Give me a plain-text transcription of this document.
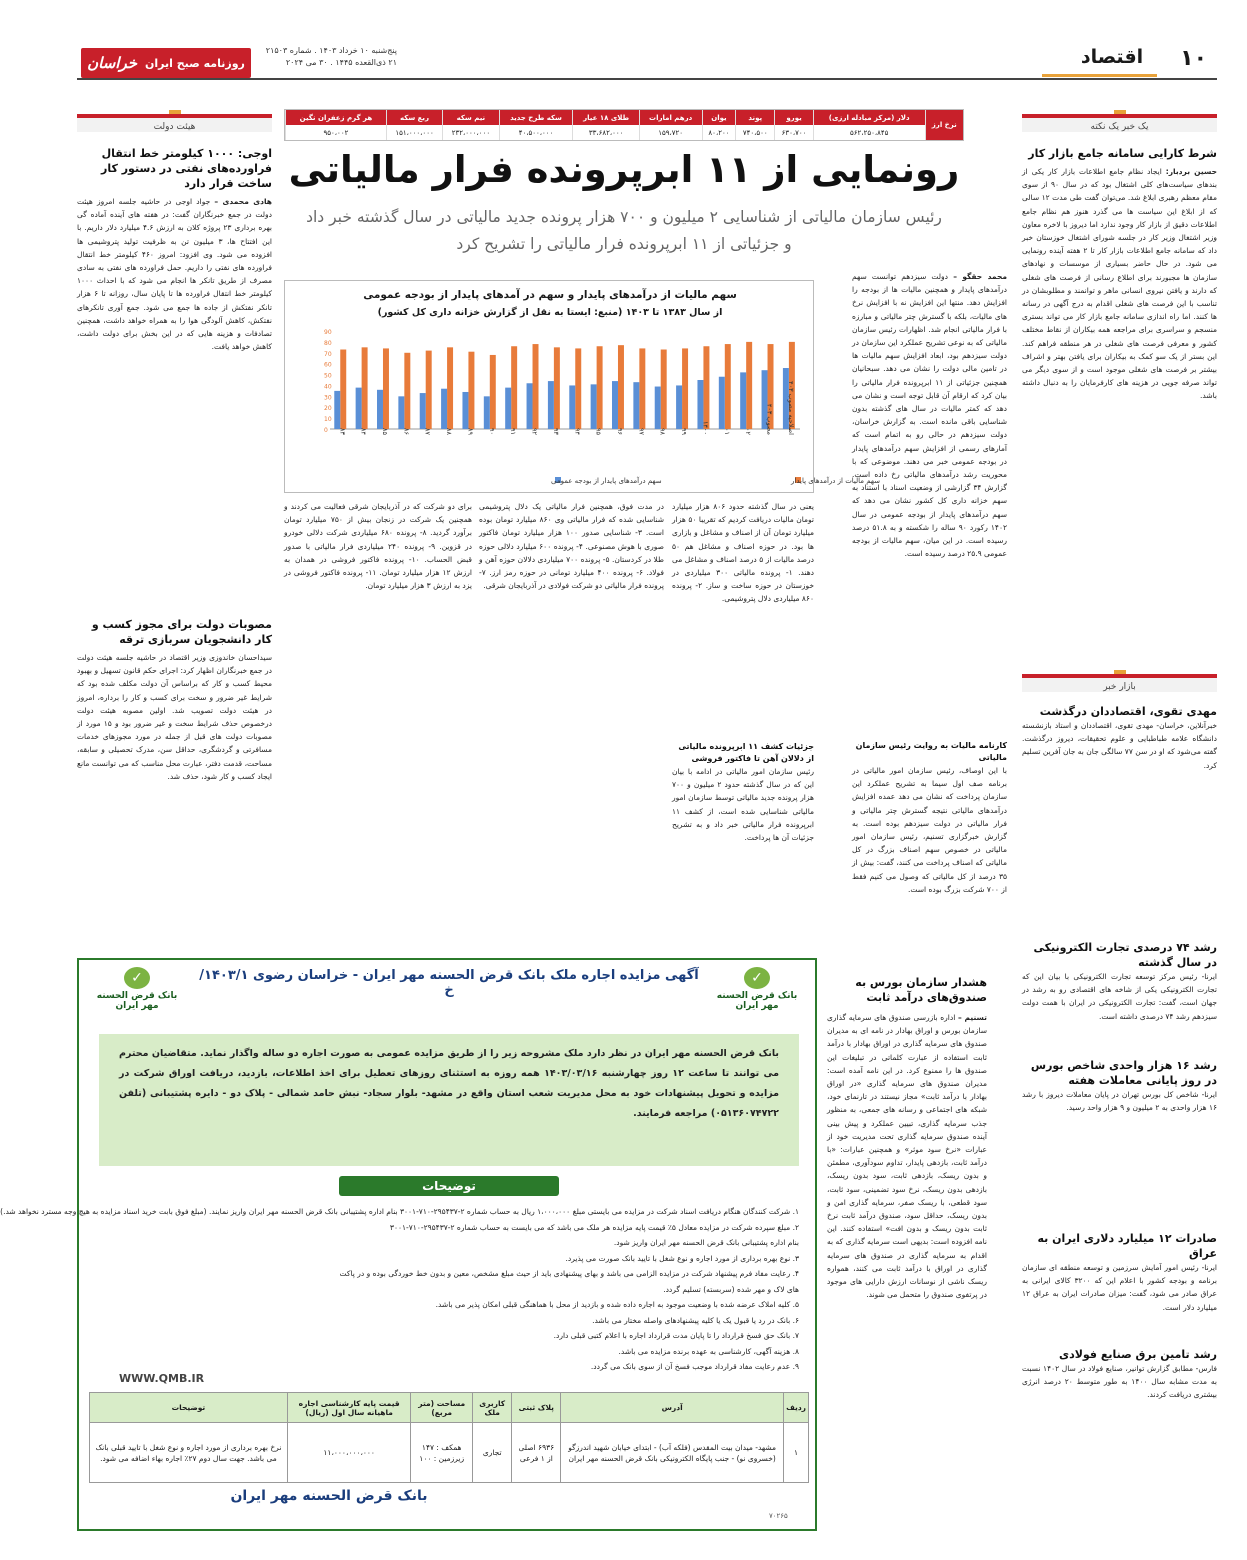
۱۰
اقتصاد
پنج‌شنبه ۱۰ خرداد ۱۴۰۳ . شماره ۲۱۵۰۳
۲۱ ذی‌القعده ۱۴۴۵ . ۳۰ می ۲۰۲۴
روزنامه صبح ایران
خراسان
یک خبر یک نکته
شرط کارایی سامانه جامع بازار کار
حسین بردبار: ایجاد نظام جامع اطلاعات بازار کار یکی از بندهای سیاست‌های کلی اشتغال بود که در سال ۹۰ از سوی مقام معظم رهبری ابلاغ شد. می‌توان گفت طی مدت ۱۲ سالی که از ابلاغ این سیاست ها می گذرد هنوز هم نظام جامع اطلاعات دقیق از بازار کار وجود ندارد اما دیروز با لاخره معاون وزیر اشتغال وزیر کار در جلسه شورای اشتغال خوزستان خبر داد که سامانه جامع اطلاعات بازار کار تا ۲ هفته آینده رونمایی می شود. در حال حاضر بسیاری از موسسات و نهادهای سازمان ها مجبورند برای اطلاع رسانی از فرصت های شغلی که دارند و یافتن نیروی انسانی ماهر و توانمند و مطلوبشان در تناسب با این فرصت های شغلی اقدام به درج آگهی در رسانه ها کنند. اما راه اندازی سامانه جامع بازار کار می تواند بستری منسجم و سراسری برای مراجعه همه بیکاران از نقاط مختلف کشور و معرفی فرصت های شغلی در هر منطقه فراهم کند. این بستر از یک سو کمک به بیکاران برای یافتن بهتر و اشراف بیشتر بر فرصت های شغلی موجود است و از سوی دیگر می تواند صرفه جویی در هزینه های کارفرمایان را به دنبال داشته باشد.
بازار خبر
مهدی تقوی، اقتصاددان درگذشت
خبرآنلاین، خراسان- مهدی تقوی، اقتصاددان و استاد بازنشسته دانشگاه علامه طباطبایی و علوم تحقیقات، دیروز درگذشت. گفته می‌شود که او در سن ۷۷ سالگی جان به جان آفرین تسلیم کرد.
رشد ۷۴ درصدی تجارت الکترونیکی در سال گذشته
ایرنا- رئیس مرکز توسعه تجارت الکترونیکی با بیان این که تجارت الکترونیکی یکی از شاخه های اقتصادی رو به رشد در جهان است، گفت: تجارت الکترونیکی در ایران با همت دولت سیزدهم رشد ۷۴ درصدی داشته است.
رشد ۱۶ هزار واحدی شاخص بورس در روز پایانی معاملات هفته
ایرنا- شاخص کل بورس تهران در پایان معاملات دیروز با رشد ۱۶ هزار واحدی به ۲ میلیون و ۹ هزار واحد رسید.
صادرات ۱۲ میلیارد دلاری ایران به عراق
ایرنا- رئیس امور آمایش سرزمین و توسعه منطقه ای سازمان برنامه و بودجه کشور با اعلام این که ۳۲۰۰ کالای ایرانی به عراق صادر می شود، گفت: میزان صادرات ایران به عراق ۱۲ میلیارد دلار است.
رشد تامین برق صنایع فولادی
فارس- مطابق گزارش توانیر، صنایع فولاد در سال ۱۴۰۲ نسبت به مدت مشابه سال ۱۴۰۰ به طور متوسط ۲۰ درصد انرژی بیشتری دریافت کردند.
نرخ ارز	دلار (مرکز مبادله ارزی)	یورو	پوند	یوان	درهم امارات	طلای ۱۸ عیار	سکه طرح جدید	نیم سکه	ربع سکه	هر گرم زعفران نگین
	۵۶۲،۲۵۰،۸۴۵	۶۳۰،۷۰۰	۷۴۰،۵۰۰	۸۰،۲۰۰	۱۵۹،۷۲۰	۳۳،۶۸۲،۰۰۰	۴۰،۵۰۰،۰۰۰	۲۳۲،۰۰۰،۰۰۰	۱۵۱،۰۰۰،۰۰۰	۹۵۰،۰۰۲
رونمایی از ۱۱ ابرپرونده فرار مالیاتی
رئیس سازمان مالیاتی از شناسایی ۲ میلیون و ۷۰۰ هزار پرونده جدید مالیاتی در سال گذشته خبر داد
و جزئیاتی از ۱۱ ابرپرونده فرار مالیاتی را تشریح کرد
محمد حقگو – دولت سیزدهم توانست سهم درآمدهای پایدار و همچنین مالیات ها از بودجه را افزایش دهد. منتها این افزایش نه با افزایش نرخ های مالیات، بلکه با گسترش چتر مالیاتی و مبارزه با فرار مالیاتی انجام شد. اظهارات رئیس سازمان مالیاتی که به نوعی تشریح عملکرد این سازمان در دولت سیزدهم بود، ابعاد افزایش سهم مالیات ها در تامین مالی دولت را نشان می دهد. سبحانیان همچنین جزئیاتی از ۱۱ ابرپرونده فرار مالیاتی را بیان کرد که ارقام آن قابل توجه است و نشان می دهد که کمتر مالیات در سال های گذشته بدون شناسایی باقی مانده است. به گزارش خراسان، دولت سیزدهم در حالی رو به اتمام است که آمارهای رسمی از افزایش سهم درآمدهای پایدار در بودجه عمومی خبر می دهند. موضوعی که با محوریت رشد درآمدهای مالیاتی رخ داده است. گزارش ۳۴ گزارشی از وضعیت اسناد با استناد به سهم خزانه داری کل کشور نشان می دهد که سهم درآمدهای پایدار از بودجه عمومی در سال ۱۴۰۲ رکورد ۹۰ ساله را شکسته و به ۵۱.۸ درصد رسیده است. در این میان، سهم مالیات از بودجه عمومی ۲۵.۹ درصد رسیده است.
سهم مالیات از درآمدهای پایدار و سهم در آمدهای پایدار از بودجه عمومی
از سال ۱۳۸۳ تا ۱۴۰۳ (منبع: ایستا به نقل از گزارش خزانه داری کل کشور)
0
10
20
30
40
50
60
70
80
90
۸۳ ۸۴ ۸۵ ۸۶ ۸۷ ۸۸ ۸۹ ۹۰ ۹۱ ۹۲ ۹۳ ۹۴ ۹۵ ۹۶ ۹۷ ۹۸ ۹۹ ۱۴۰۰ ۰۱ ۰۲
مصوب ۴۰۳
اصلاحیه مصوب ۴۰۳
سهم مالیات از درآمدهای پایدار
سهم درآمدهای پایدار از بودجه عمومی
یعنی در سال گذشته حدود ۸۰۶ هزار میلیارد تومان مالیات دریافت کردیم که تقریبا ۵۰ هزار میلیارد تومان آن از اصناف و مشاغل و بازاری ها بود. در حوزه اصناف و مشاغل هم ۵۰ درصد مالیات از ۵ درصد اصناف و مشاغل می دهند. ۱- پرونده مالیاتی ۳۰۰ میلیاردی در خوزستان در حوزه ساخت و ساز. ۲- پرونده ۸۶۰ میلیاردی دلال پتروشیمی.
جزئیات کشف ۱۱ ابرپرونده مالیاتی از دلالان آهن تا فاکتور فروشی
رئیس سازمان امور مالیاتی در ادامه با بیان این که در سال گذشته حدود ۲ میلیون و ۷۰۰ هزار پرونده جدید مالیاتی توسط سازمان امور مالیاتی شناسایی شده است، از کشف ۱۱ ابرپرونده فرار مالیاتی خبر داد و به تشریح جزئیات آن ها پرداخت.
کارنامه مالیات به روایت رئیس سازمان مالیاتی
با این اوصاف، رئیس سازمان امور مالیاتی در برنامه صف اول سیما به تشریح عملکرد این سازمان پرداخت که نشان می دهد عمده افزایش درآمدهای مالیاتی نتیجه گسترش چتر مالیاتی و فرار مالیاتی در دولت سیزدهم بوده است. به گزارش خبرگزاری تسنیم، رئیس سازمان امور مالیاتی در خصوص سهم اصناف بزرگ در کل مالیاتی که اصناف پرداخت می کنند، گفت: بیش از ۳۵ درصد از کل مالیاتی که وصول می کنیم فقط از ۷۰۰ شرکت بزرگ بوده است.
در مدت فوق، همچنین فرار مالیاتی یک دلال پتروشیمی شناسایی شده که فرار مالیاتی وی ۸۶۰ میلیارد تومان بوده است. ۳- شناسایی صدور ۱۰۰ هزار میلیارد تومان فاکتور صوری با هوش مصنوعی. ۴- پرونده ۶۰۰ میلیارد دلالی حوزه طلا در کردستان. ۵- پرونده ۷۰۰ میلیاردی دلالان حوزه آهن و فولاد. ۶- پرونده ۴۰۰ میلیارد تومانی در حوزه رمز ارز. ۷- پرونده فرار مالیاتی دو شرکت فولادی در آذربایجان شرقی.
برای دو شرکت که در آذربایجان شرقی فعالیت می کردند و همچنین یک شرکت در زنجان بیش از ۷۵۰ میلیارد تومان برآورد گردید. ۸- پرونده ۶۸۰ میلیاردی شرکت دلالی خودرو در قزوین. ۹- پرونده ۲۴۰ میلیاردی فرار مالیاتی با صدور قبض الحساب. ۱۰- پرونده فاکتور فروشی در همدان به ارزش ۱۲ هزار میلیارد تومان. ۱۱- پرونده فاکتور فروشی در یزد به ارزش ۳ هزار میلیارد تومان.
هیئت دولت
اوجی: ۱۰۰۰ کیلومتر خط انتقال فراورده‌های نفتی در دستور کار ساخت قرار دارد
هادی محمدی – جواد اوجی در حاشیه جلسه امروز هیئت دولت در جمع خبرنگاران گفت: در هفته های آینده آماده گی بهره برداری ۲۳ پروژه کلان به ارزش ۴.۶ میلیارد دلار داریم. با این افتتاح ها، ۳ میلیون تن به ظرفیت تولید پتروشیمی ها افزوده می شود. وی افزود: امروز ۴۶۰ کیلومتر خط انتقال فراورده های نفتی را داریم. حمل فراورده های نفتی به سادی مصرف از طریق تانکر ها انجام می شود که با احداث ۱۰۰۰ کیلومتر خط انتقال فراورده ها تا پایان سال، روزانه تا ۶ هزار تانکر نفتکش از جاده ها جمع می شود. جمع آوری تانکرهای نفتکش، کاهش آلودگی هوا را به همراه خواهد داشت، همچنین تصادفات و هزینه هایی که در این بخش برای دولت داشت، کاهش خواهد یافت.
مصوبات دولت برای مجوز کسب و کار دانشجویان سربازی ترقه
سیداحسان خاندوزی وزیر اقتصاد در حاشیه جلسه هیئت دولت در جمع خبرنگاران اظهار کرد: اجرای حکم قانون تسهیل و بهبود محیط کسب و کار که براساس آن دولت مکلف شده بود که شرایط غیر ضرور و سخت برای کسب و کار را برداره، امروز در هیئت دولت تصویب شد. اولین مصوبه هیئت دولت درخصوص حذف شرایط سخت و غیر ضرور بود و ۱۵ مورد از مصوبات دولت های قبل از جمله در مورد مجوزهای خدمات مسافرتی و گردشگری، حداقل سن، مدرک تحصیلی و سابقه، مساحت، قدمت دفتر، عبارت محل مناسب که می توانست مانع ایجاد کسب و کار شود، حذف شد.
هشدار سازمان بورس به صندوق‌های درآمد ثابت
تسنیم – اداره بازرسی صندوق های سرمایه گذاری سازمان بورس و اوراق بهادار در نامه ای به مدیران صندوق های سرمایه گذاری در اوراق بهادار با درآمد ثابت استفاده از عبارت کلماتی در تبلیغات این صندوق ها را ممنوع کرد. در این نامه آمده است: مدیران صندوق های سرمایه گذاری «در اوراق بهادار با درآمد ثابت» مجاز نیستند در تارنمای خود، شبکه های اجتماعی و رسانه های جمعی، به منظور جذب سرمایه گذاری، تبیین عملکرد و پیش بینی آینده صندوق سرمایه گذاری تحت مدیریت خود از عبارات «نرخ سود موثر» و همچنین عبارات: «با درآمد ثابت، بازدهی پایدار، تداوم سودآوری، مطمئن و بدون ریسک، بازدهی ثابت، سود بدون ریسک، بازدهی بدون ریسک، نرخ سود تضمینی، سود ثابت، سود قطعی، با ریسک صفر، سرمایه گذاری امن و بدون ریسک، حداقل سود، صندوق درآمد ثابت نرخ ثابت بدون ریسک و بدون افت» استفاده کنند. این نامه افزوده است: بدیهی است سرمایه گذاری که به اقدام به سرمایه گذاری در صندوق های سرمایه گذاری در اوراق با درآمد ثابت می کنند، همواره ریسک ناشی از نوسانات ارزش دارایی های موجود در پرتفوی صندوق را متحمل می شوند.
✓
بانک قرض الحسنه مهر ایران
✓
بانک قرض الحسنه مهر ایران
آگهی مزایده اجاره ملک بانک قرض الحسنه مهر ایران - خراسان رضوی ۱۴۰۳/۱/خ
بانک قرض الحسنه مهر ایران در نظر دارد ملک مشروحه زیر را از طریق مزایده عمومی به صورت اجاره دو ساله واگذار نماید. متقاضیان محترم می توانند تا ساعت ۱۲ روز چهارشنبه ۱۴۰۳/۰۳/۱۶ همه روزه به استثنای روزهای تعطیل برای اخذ اطلاعات، بازدید، دریافت اوراق شرکت در مزایده و تحویل پیشنهادات خود به محل مدیریت شعب استان واقع در مشهد- بلوار سجاد- نبش حامد شمالی - پلاک دو - دایره پشتیبانی (تلفن ۰۵۱۳۶۰۷۴۷۲۲) مراجعه فرمایند.
توضیحات
۱. شرکت کنندگان هنگام دریافت اسناد شرکت در مزایده می بایستی مبلغ ۱،۰۰۰،۰۰۰ ریال به حساب شماره ۲-۲۹۵۴۳۷-۷۱۰-۳۰۰۱ بنام اداره پشتیبانی بانک قرض الحسنه مهر ایران واریز نمایند. (مبلغ فوق بابت خرید اسناد مزایده به هیچ وجه مسترد نخواهد شد.)
۲. مبلغ سپرده شرکت در مزایده معادل ۵٪ قیمت پایه مزایده هر ملک می باشد که می بایست به حساب شماره ۲-۲۹۵۴۳۷-۷۱۰-۳۰۰۱
بنام اداره پشتیبانی بانک قرض الحسنه مهر ایران واریز شود.
۳. نوع بهره برداری از مورد اجاره و نوع شغل با تایید بانک صورت می پذیرد.
۴. رعایت مفاد فرم پیشنهاد شرکت در مزایده الزامی می باشد و بهای پیشنهادی باید از حیث مبلغ مشخص، معین و بدون خط خوردگی بوده و در پاکت
های لاک و مهر شده (سربسته) تسلیم گردد.
۵. کلیه املاک عرضه شده با وضعیت موجود به اجاره داده شده و بازدید از محل با هماهنگی قبلی امکان پذیر می باشد.
۶. بانک در رد یا قبول یک یا کلیه پیشنهادهای واصله مختار می باشد.
۷. بانک حق فسخ قرارداد را تا پایان مدت قرارداد اجاره با اعلام کتبی قبلی دارد.
۸. هزینه آگهی، کارشناسی به عهده برنده مزایده می باشد.
۹. عدم رعایت مفاد قرارداد موجب فسخ آن از سوی بانک می گردد.
WWW.QMB.IR
ردیف	آدرس	پلاک ثبتی	کاربری ملک	مساحت (متر مربع)	قیمت پایه کارشناسی اجاره ماهیانه سال اول (ریال)	توضیحات
۱	مشهد- میدان بیت المقدس (فلکه آب) - ابتدای خیابان شهید اندرزگو (خسروی نو) - جنب پایگاه الکترونیکی بانک قرض الحسنه مهر ایران	۶۹۳۶ اصلی از ۱ فرعی	تجاری	همکف : ۱۴۷ زیرزمین : ۱۰۰	۱۱،۰۰۰،۰۰۰،۰۰۰	نرخ بهره برداری از مورد اجاره و نوع شغل با تایید قبلی بانک می باشد. جهت سال دوم ۲۷٪ اجاره بهاء اضافه می شود.
بانک قرض الحسنه مهر ایران
۷۰۲۶۵
